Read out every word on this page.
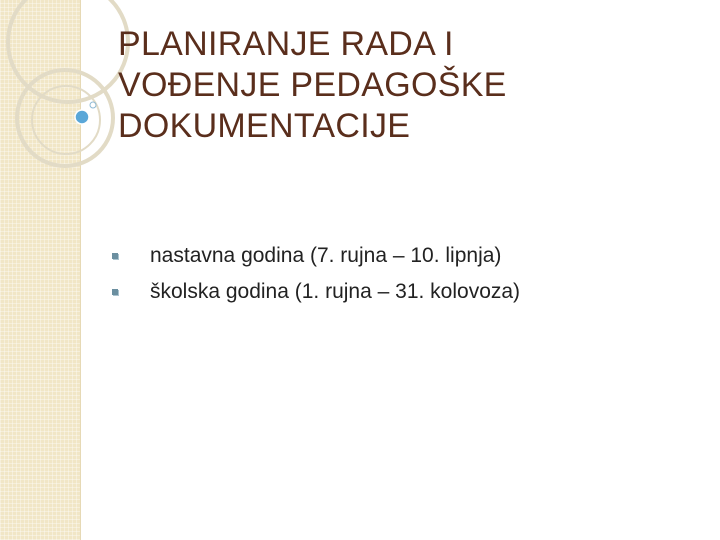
PLANIRANJE RADA I
VOĐENJE PEDAGOŠKE
DOKUMENTACIJE
nastavna godina (7. rujna – 10. lipnja)
školska godina (1. rujna – 31. kolovoza)
